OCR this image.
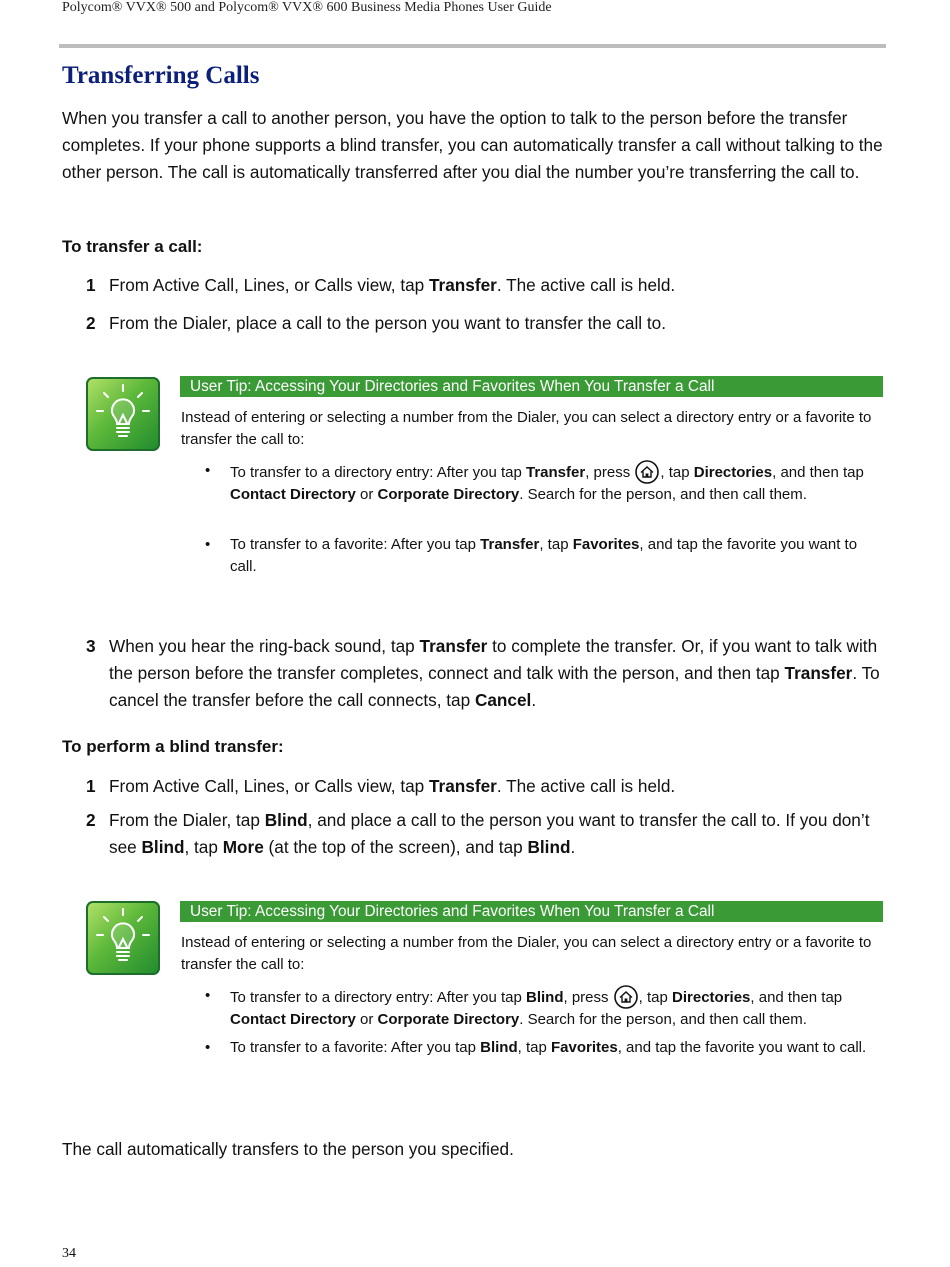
Polycom® VVX® 500 and Polycom® VVX® 600 Business Media Phones User Guide
Transferring Calls

When you transfer a call to another person, you have the option to talk to the person before the transfer completes. If your phone supports a blind transfer, you can automatically transfer a call without talking to the other person. The call is automatically transferred after you dial the number you’re transferring the call to.

To transfer a call:
1 From Active Call, Lines, or Calls view, tap Transfer. The active call is held.
2 From the Dialer, place a call to the person you want to transfer the call to.
User Tip: Accessing Your Directories and Favorites When You Transfer a Call

Instead of entering or selecting a number from the Dialer, you can select a directory entry or a favorite to transfer the call to:

• To transfer to a directory entry: After you tap Transfer, press , tap Directories, and then tap Contact Directory or Corporate Directory. Search for the person, and then call them.
• To transfer to a favorite: After you tap Transfer, tap Favorites, and tap the favorite you want to call.
3 When you hear the ring-back sound, tap Transfer to complete the transfer. Or, if you want to talk with the person before the transfer completes, connect and talk with the person, and then tap Transfer. To cancel the transfer before the call connects, tap Cancel.
To perform a blind transfer:
1 From Active Call, Lines, or Calls view, tap Transfer. The active call is held.
2 From the Dialer, tap Blind, and place a call to the person you want to transfer the call to. If you don’t see Blind, tap More (at the top of the screen), and tap Blind.
User Tip: Accessing Your Directories and Favorites When You Transfer a Call

Instead of entering or selecting a number from the Dialer, you can select a directory entry or a favorite to transfer the call to:

• To transfer to a directory entry: After you tap Blind, press , tap Directories, and then tap Contact Directory or Corporate Directory. Search for the person, and then call them.
• To transfer to a favorite: After you tap Blind, tap Favorites, and tap the favorite you want to call.

The call automatically transfers to the person you specified.

34
